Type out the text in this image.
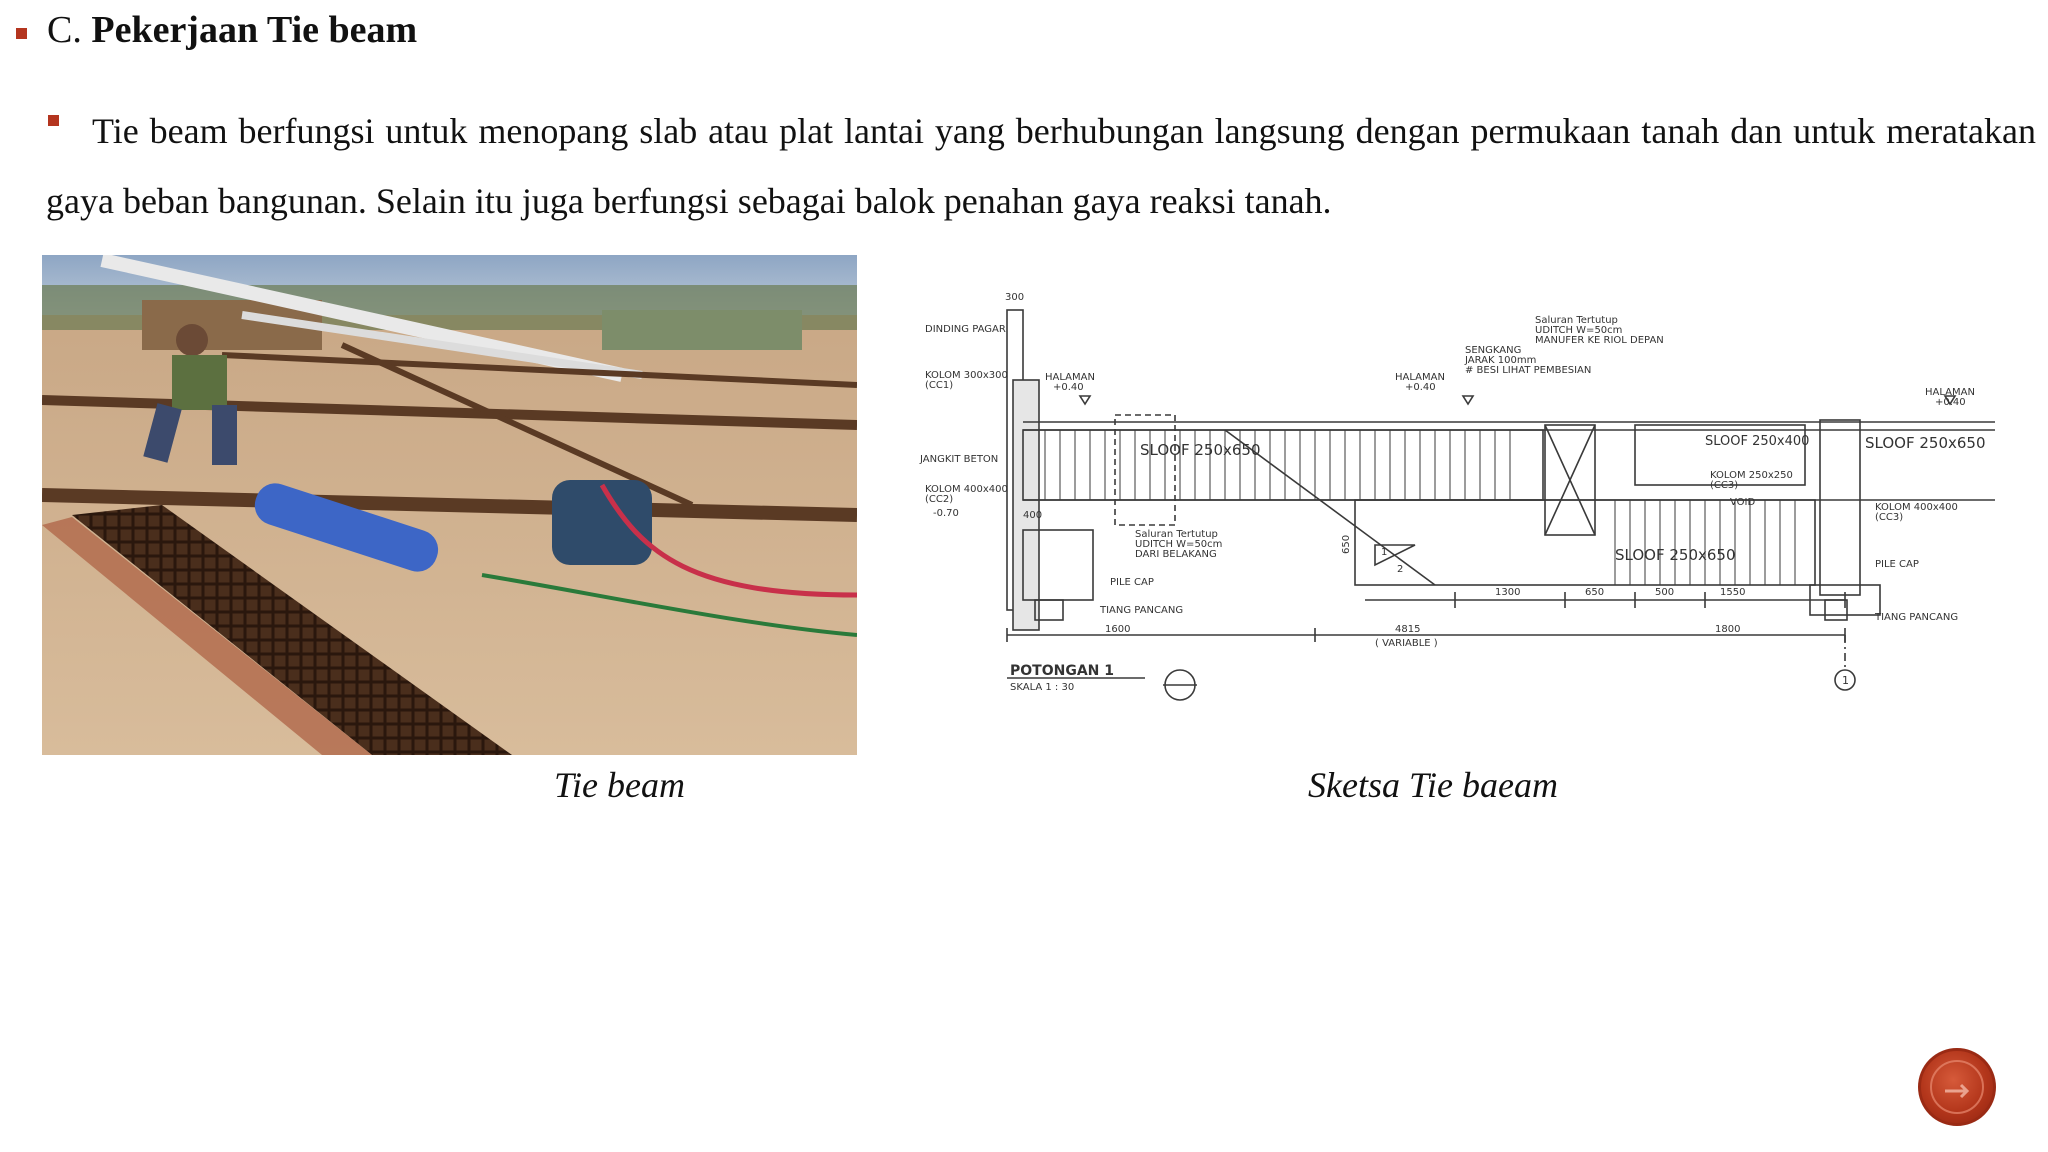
C. Pekerjaan Tie beam
Tie beam berfungsi untuk menopang slab atau plat lantai yang berhubungan langsung dengan permukaan tanah dan untuk meratakan gaya beban bangunan. Selain itu juga berfungsi sebagai balok penahan gaya reaksi tanah.
300
DINDING PAGAR
KOLOM 300x300
(CC1)
HALAMAN
+0.40
JANGKIT BETON
KOLOM 400x400
(CC2)
-0.70	400
SLOOF 250x650
Saluran Tertutup
UDITCH W=50cm
DARI BELAKANG
PILE CAP
TIANG PANCANG
HALAMAN
+0.40
SENGKANG
JARAK 100mm
# BESI LIHAT PEMBESIAN
Saluran Tertutup
UDITCH W=50cm
MANUFER KE RIOL DEPAN
SLOOF 250x400	SLOOF 250x650
HALAMAN
+0.40
KOLOM 250x250
(CC3)
VOID	KOLOM 400x400
(CC3)
SLOOF 250x650
650	1
2	PILE CAP
TIANG PANCANG
1300	650	500	1550
1600	4815
( VARIABLE )
1800
1
POTONGAN 1
SKALA 1 : 30
Tie beam	Sketsa Tie baeam
